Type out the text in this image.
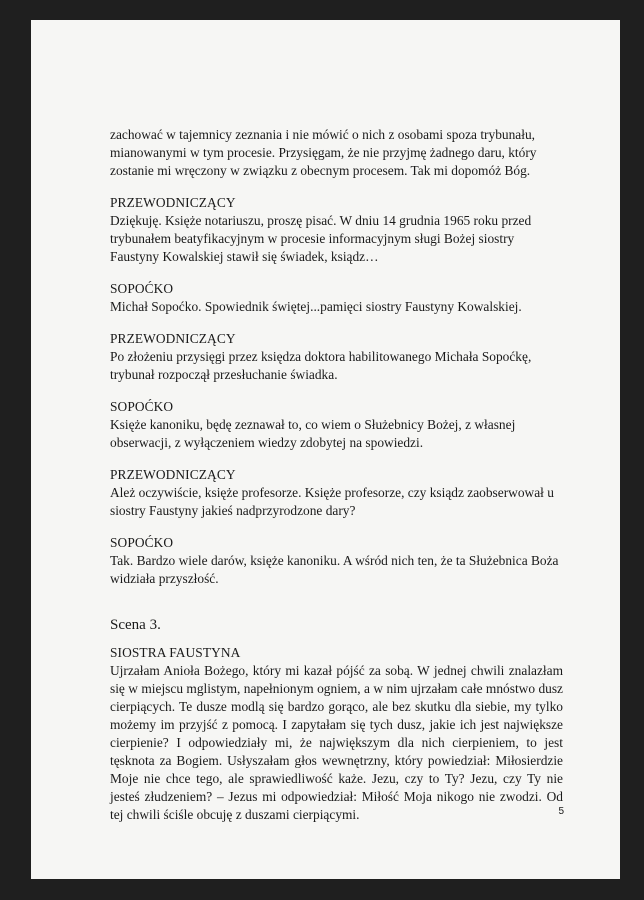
zachować w tajemnicy zeznania i nie mówić o nich z osobami spoza trybunału, mianowanymi w tym procesie. Przysięgam, że nie przyjmę żadnego daru, który zostanie mi wręczony w związku z obecnym procesem. Tak mi dopomóż Bóg.

PRZEWODNICZĄCY

Dziękuję. Księże notariuszu, proszę pisać. W dniu 14 grudnia 1965 roku przed trybunałem beatyfikacyjnym w procesie informacyjnym sługi Bożej siostry Faustyny Kowalskiej stawił się świadek, ksiądz…

SOPOĆKO

Michał Sopoćko. Spowiednik świętej...pamięci siostry Faustyny Kowalskiej.

PRZEWODNICZĄCY

Po złożeniu przysięgi przez księdza doktora habilitowanego Michała Sopoćkę, trybunał rozpoczął przesłuchanie świadka.

SOPOĆKO

Księże kanoniku, będę zeznawał to, co wiem o Służebnicy Bożej, z własnej obserwacji, z wyłączeniem wiedzy zdobytej na spowiedzi.

PRZEWODNICZĄCY

Ależ oczywiście, księże profesorze. Księże profesorze, czy ksiądz zaobserwował u siostry Faustyny jakieś nadprzyrodzone dary?

SOPOĆKO

Tak. Bardzo wiele darów, księże kanoniku. A wśród nich ten, że ta Służebnica Boża widziała przyszłość.

Scena 3.

SIOSTRA FAUSTYNA

Ujrzałam Anioła Bożego, który mi kazał pójść za sobą. W jednej chwili znalazłam się w miejscu mglistym, napełnionym ogniem, a w nim ujrzałam całe mnóstwo dusz cierpiących. Te dusze modlą się bardzo gorąco, ale bez skutku dla siebie, my tylko możemy im przyjść z pomocą. I zapytałam się tych dusz, jakie ich jest największe cierpienie? I odpowiedziały mi, że największym dla nich cierpieniem, to jest tęsknota za Bogiem. Usłyszałam głos wewnętrzny, który powiedział: Miłosierdzie Moje nie chce tego, ale sprawiedliwość każe. Jezu, czy to Ty? Jezu, czy Ty nie jesteś złudzeniem? – Jezus mi odpowiedział: Miłość Moja nikogo nie zwodzi. Od tej chwili ściśle obcuję z duszami cierpiącymi.	5
